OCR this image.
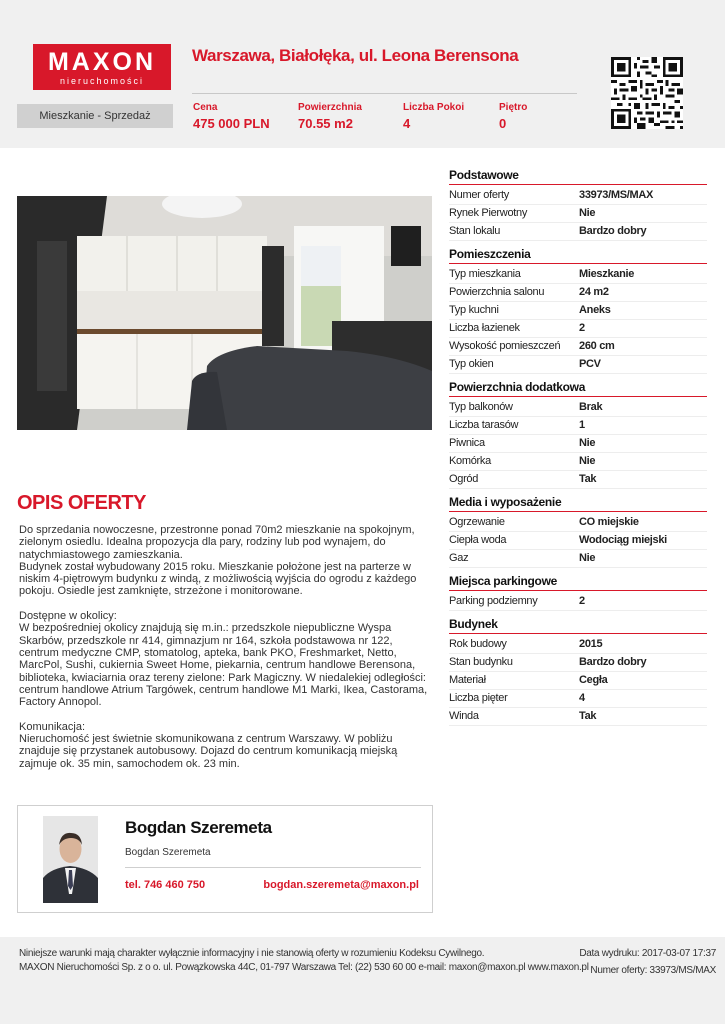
MAXON
nieruchomości
Warszawa, Białołęka, ul. Leona Berensona
Mieszkanie - Sprzedaż
Cena
475 000 PLN
Powierzchnia
70.55 m2
Liczba Pokoi
4
Piętro
0
OPIS OFERTY

Do sprzedania nowoczesne, przestronne ponad 70m2 mieszkanie na spokojnym, zielonym osiedlu. Idealna propozycja dla pary, rodziny lub pod wynajem, do natychmiastowego zamieszkania.
Budynek został wybudowany 2015 roku. Mieszkanie położone jest na parterze w niskim 4-piętrowym budynku z windą, z możliwością wyjścia do ogrodu z każdego pokoju. Osiedle jest zamknięte, strzeżone i monitorowane.

Dostępne w okolicy:
W bezpośredniej okolicy znajdują się m.in.: przedszkole niepubliczne Wyspa Skarbów, przedszkole nr 414, gimnazjum nr 164, szkoła podstawowa nr 122, centrum medyczne CMP, stomatolog, apteka, bank PKO, Freshmarket, Netto, MarcPol, Sushi, cukiernia Sweet Home, piekarnia, centrum handlowe Berensona, biblioteka, kwiaciarnia oraz tereny zielone: Park Magiczny. W niedalekiej odległości: centrum handlowe Atrium Targówek, centrum handlowe M1 Marki, Ikea, Castorama, Factory Annopol.

Komunikacja:
Nieruchomość jest świetnie skomunikowana z centrum Warszawy. W pobliżu znajduje się przystanek autobusowy. Dojazd do centrum komunikacją miejską zajmuje ok. 35 min, samochodem ok. 23 min.

Podstawowe
Numer oferty	33973/MS/MAX
Rynek Pierwotny	Nie
Stan lokalu	Bardzo dobry
Pomieszczenia
Typ mieszkania	Mieszkanie
Powierzchnia salonu	24 m2
Typ kuchni	Aneks
Liczba łazienek	2
Wysokość pomieszczeń	260 cm
Typ okien	PCV
Powierzchnia dodatkowa
Typ balkonów	Brak
Liczba tarasów	1
Piwnica	Nie
Komórka	Nie
Ogród	Tak
Media i wyposażenie
Ogrzewanie	CO miejskie
Ciepła woda	Wodociąg miejski
Gaz	Nie
Miejsca parkingowe
Parking podziemny	2
Budynek
Rok budowy	2015
Stan budynku	Bardzo dobry
Materiał	Cegła
Liczba pięter	4
Winda	Tak
Bogdan Szeremeta
Bogdan Szeremeta
tel. 746 460 750	bogdan.szeremeta@maxon.pl
Niniejsze warunki mają charakter wyłącznie informacyjny i nie stanowią oferty w rozumieniu Kodeksu Cywilnego.
MAXON Nieruchomości Sp. z o o. ul. Powązkowska 44C, 01-797 Warszawa Tel: (22) 530 60 00 e-mail: maxon@maxon.pl www.maxon.pl
Data wydruku: 2017-03-07 17:37
Numer oferty: 33973/MS/MAX
